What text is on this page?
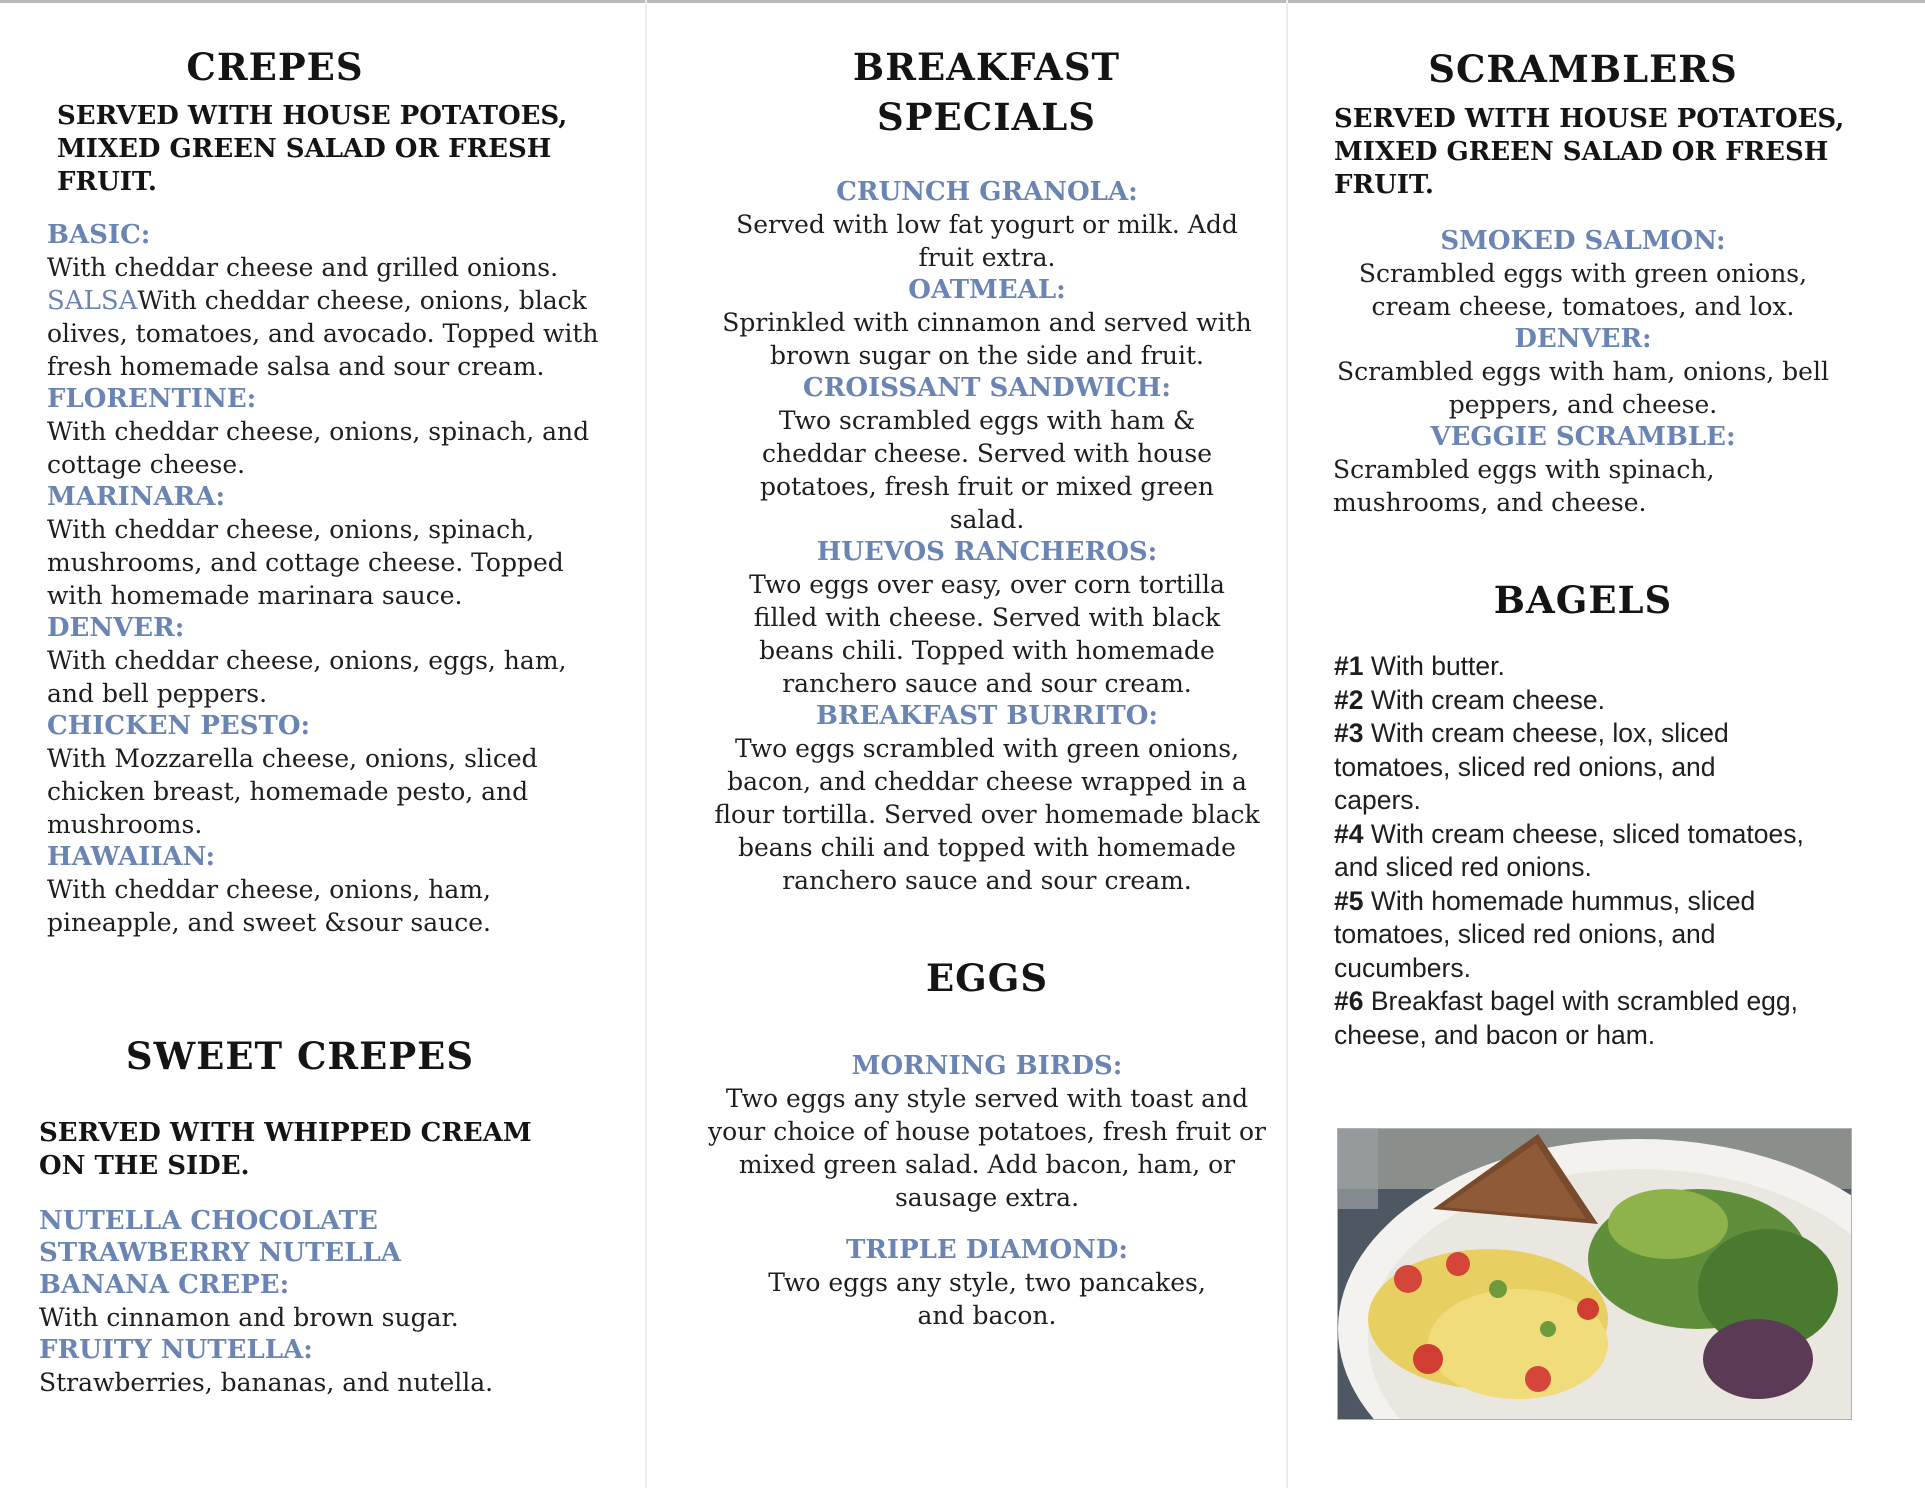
CREPES

SERVED WITH HOUSE POTATOES, MIXED GREEN SALAD OR FRESH FRUIT.

BASIC:

With cheddar cheese and grilled onions.

SALSAWith cheddar cheese, onions, black olives, tomatoes, and avocado. Topped with fresh homemade salsa and sour cream.

FLORENTINE:

With cheddar cheese, onions, spinach, and cottage cheese.

MARINARA:

With cheddar cheese, onions, spinach, mushrooms, and cottage cheese. Topped with homemade marinara sauce.

DENVER:

With cheddar cheese, onions, eggs, ham, and bell peppers.

CHICKEN PESTO:

With Mozzarella cheese, onions, sliced chicken breast, homemade pesto, and mushrooms.

HAWAIIAN:

With cheddar cheese, onions, ham, pineapple, and sweet &sour sauce.

SWEET CREPES

SERVED WITH WHIPPED CREAM ON THE SIDE.

NUTELLA CHOCOLATE

STRAWBERRY NUTELLA

BANANA CREPE:

With cinnamon and brown sugar.

FRUITY NUTELLA:

Strawberries, bananas, and nutella.

BREAKFAST
SPECIALS

CRUNCH GRANOLA:

Served with low fat yogurt or milk. Add fruit extra.

OATMEAL:

Sprinkled with cinnamon and served with brown sugar on the side and fruit.

CROISSANT SANDWICH:

Two scrambled eggs with ham & cheddar cheese. Served with house potatoes, fresh fruit or mixed green salad.

HUEVOS RANCHEROS:

Two eggs over easy, over corn tortilla filled with cheese. Served with black beans chili. Topped with homemade ranchero sauce and sour cream.

BREAKFAST BURRITO:

Two eggs scrambled with green onions, bacon, and cheddar cheese wrapped in a flour tortilla. Served over homemade black beans chili and topped with homemade ranchero sauce and sour cream.

EGGS

MORNING BIRDS:

Two eggs any style served with toast and your choice of house potatoes, fresh fruit or mixed green salad. Add bacon, ham, or sausage extra.

TRIPLE DIAMOND:

Two eggs any style, two pancakes, and bacon.

SCRAMBLERS

SERVED WITH HOUSE POTATOES, MIXED GREEN SALAD OR FRESH FRUIT.

SMOKED SALMON:

Scrambled eggs with green onions, cream cheese, tomatoes, and lox.

DENVER:

Scrambled eggs with ham, onions, bell peppers, and cheese.

VEGGIE SCRAMBLE:

Scrambled eggs with spinach, mushrooms, and cheese.

BAGELS

#1 With butter.

#2 With cream cheese.

#3 With cream cheese, lox, sliced tomatoes, sliced red onions, and capers.

#4 With cream cheese, sliced tomatoes, and sliced red onions.

#5 With homemade hummus, sliced tomatoes, sliced red onions, and cucumbers.

#6 Breakfast bagel with scrambled egg, cheese, and bacon or ham.
